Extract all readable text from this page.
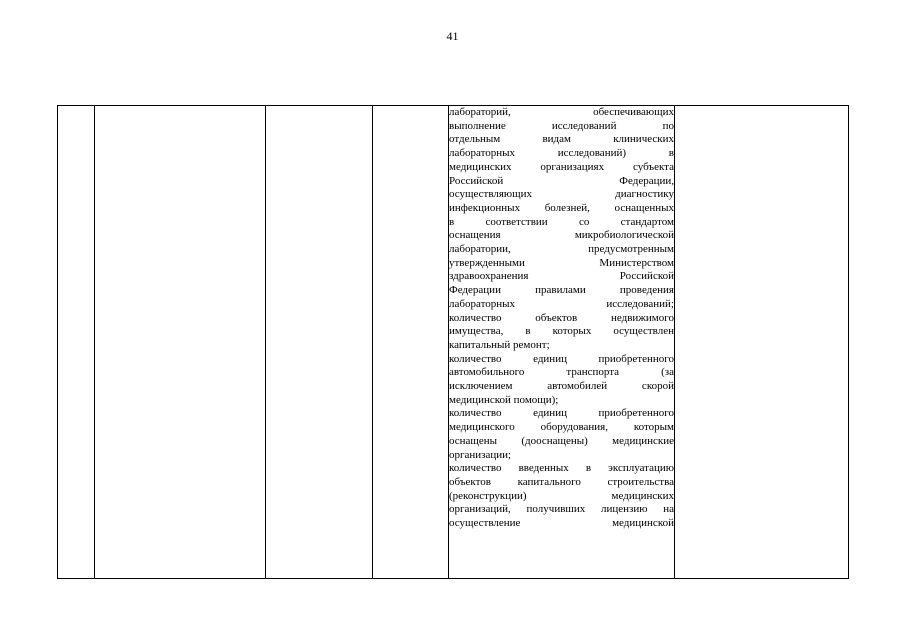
41

лабораторий, обеспечивающих
выполнение исследований по
отдельным видам клинических
лабораторных исследований) в
медицинских организациях субъекта
Российской Федерации,
осуществляющих диагностику
инфекционных болезней, оснащенных
в соответствии со стандартом
оснащения микробиологической
лаборатории, предусмотренным
утвержденными Министерством
здравоохранения Российской
Федерации правилами проведения
лабораторных исследований;
количество объектов недвижимого
имущества, в которых осуществлен
капитальный ремонт;
количество единиц приобретенного
автомобильного транспорта (за
исключением автомобилей скорой
медицинской помощи);
количество единиц приобретенного
медицинского оборудования, которым
оснащены (дооснащены) медицинские
организации;
количество введенных в эксплуатацию
объектов капитального строительства
(реконструкции) медицинских
организаций, получивших лицензию на
осуществление медицинской
